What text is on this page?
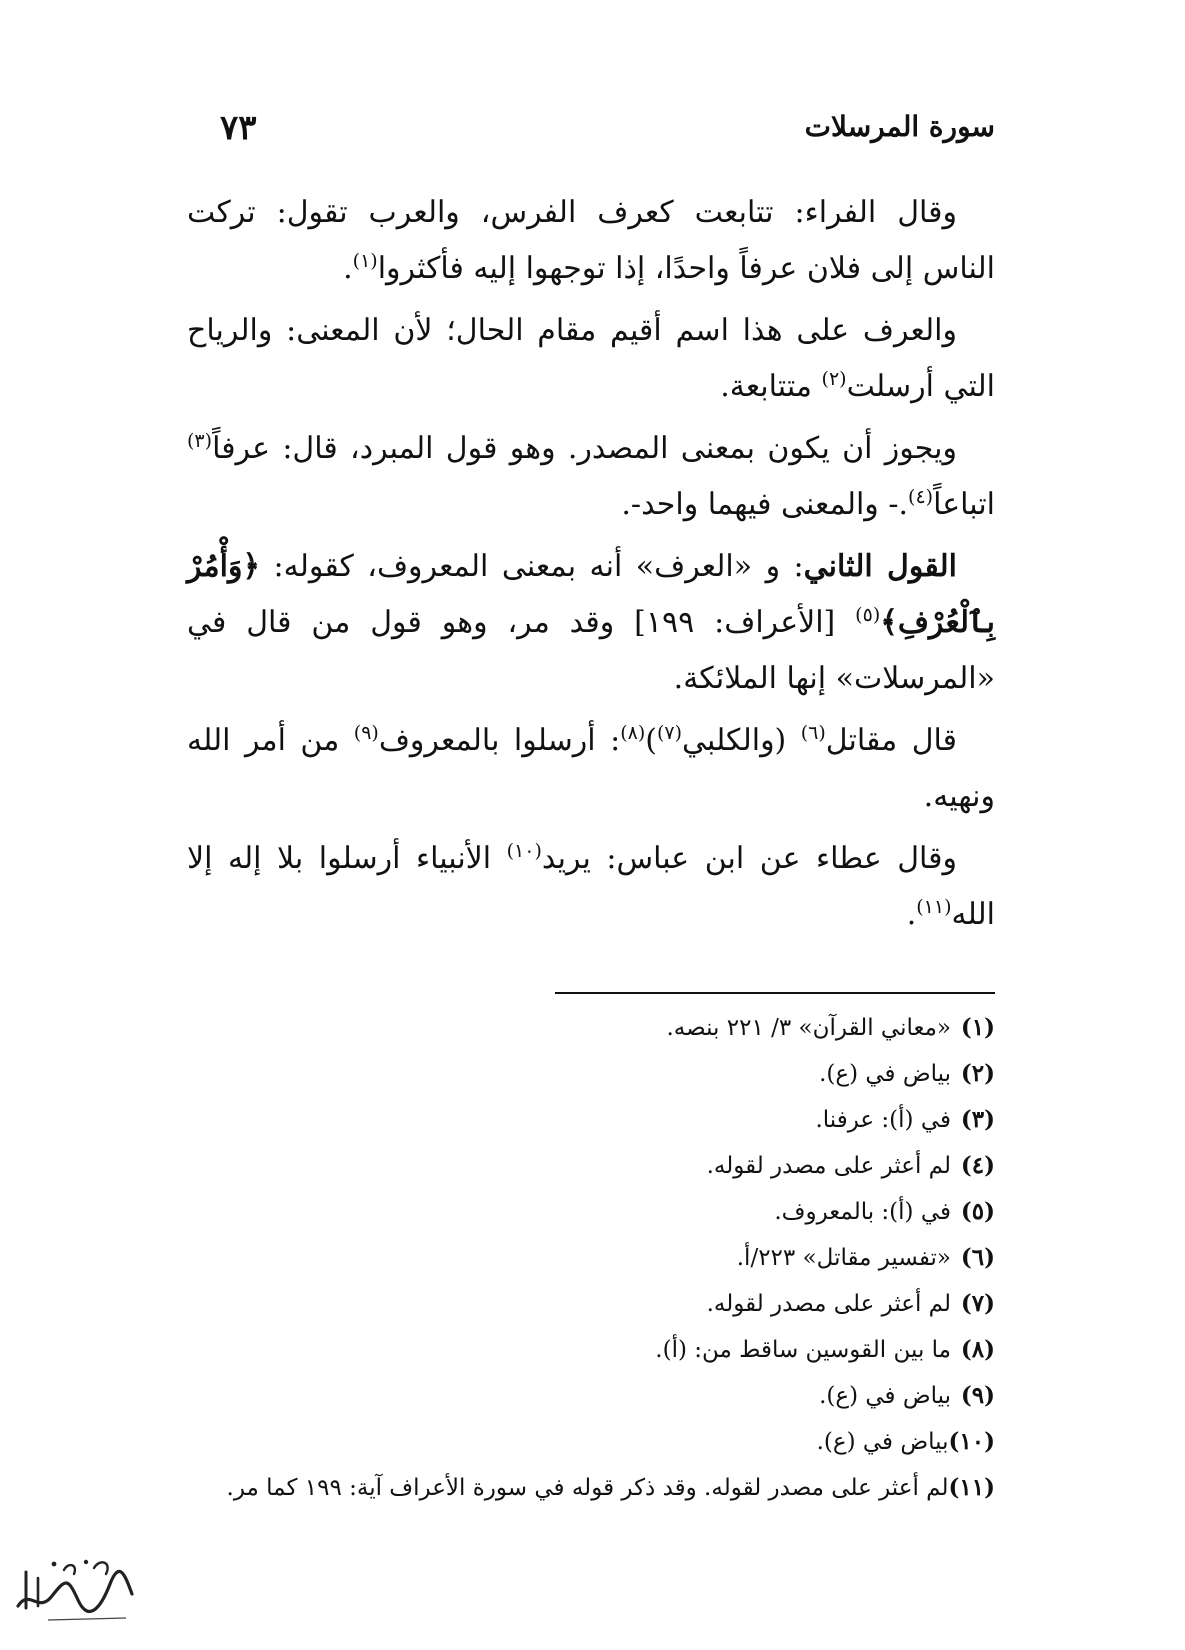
سورة المرسلات
٧٣

وقال الفراء: تتابعت كعرف الفرس، والعرب تقول: تركت الناس إلى فلان عرفاً واحدًا، إذا توجهوا إليه فأكثروا$^{(١)}$.

والعرف على هذا اسم أقيم مقام الحال؛ لأن المعنى: والرياح التي أرسلت$^{(٢)}$ متتابعة.

ويجوز أن يكون بمعنى المصدر. وهو قول المبرد، قال: عرفاً$^{(٣)}$ اتباعاً$^{(٤)}$.- والمعنى فيهما واحد-.

القول الثاني: و «العرف» أنه بمعنى المعروف، كقوله: ﴿وَأْمُرْ بِٱلْعُرْفِ﴾$^{(٥)}$ [الأعراف: ١٩٩] وقد مر، وهو قول من قال في «المرسلات» إنها الملائكة.

قال مقاتل$^{(٦)}$ (والكلبي$^{(٧)}$)$^{(٨)}$: أرسلوا بالمعروف$^{(٩)}$ من أمر الله ونهيه.

وقال عطاء عن ابن عباس: يريد$^{(١٠)}$ الأنبياء أرسلوا بلا إله إلا الله$^{(١١)}$.

(١)«معاني القرآن» ٣/ ٢٢١ بنصه.
(٢)بياض في (ع).
(٣)في (أ): عرفنا.
(٤)لم أعثر على مصدر لقوله.
(٥)في (أ): بالمعروف.
(٦)«تفسير مقاتل» ٢٢٣/أ.
(٧)لم أعثر على مصدر لقوله.
(٨)ما بين القوسين ساقط من: (أ).
(٩)بياض في (ع).
(١٠)بياض في (ع).
(١١)لم أعثر على مصدر لقوله. وقد ذكر قوله في سورة الأعراف آية: ١٩٩ كما مر.
